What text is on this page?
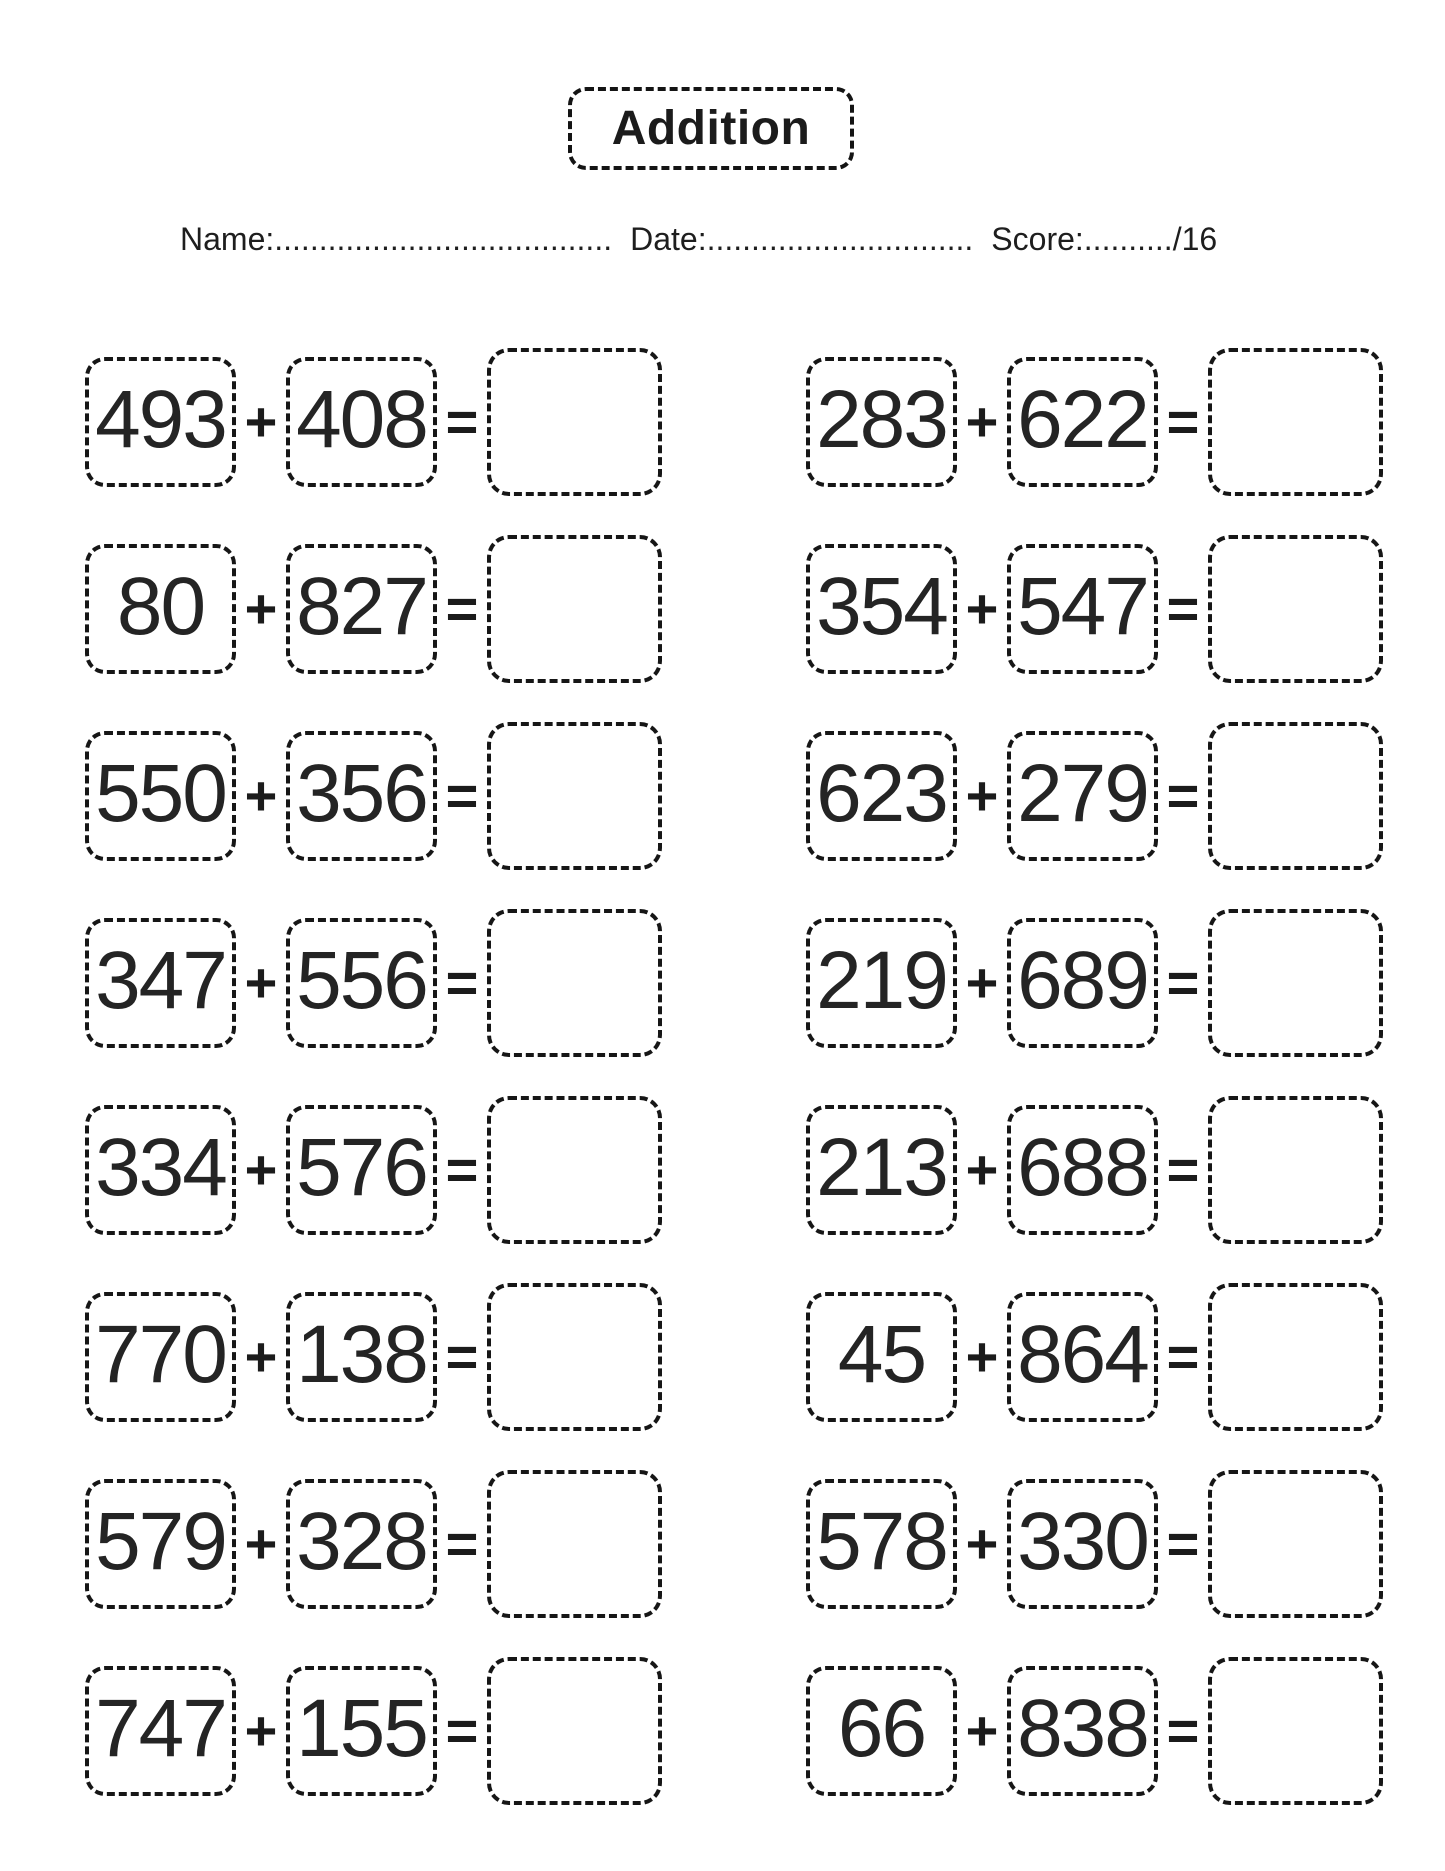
Addition
Name:...................................... Date:.............................. Score:........../16
493 + 408 =	283 + 622 =
80 + 827 =	354 + 547 =
550 + 356 =	623 + 279 =
347 + 556 =	219 + 689 =
334 + 576 =	213 + 688 =
770 + 138 =	45 + 864 =
579 + 328 =	578 + 330 =
747 + 155 =	66 + 838 =
